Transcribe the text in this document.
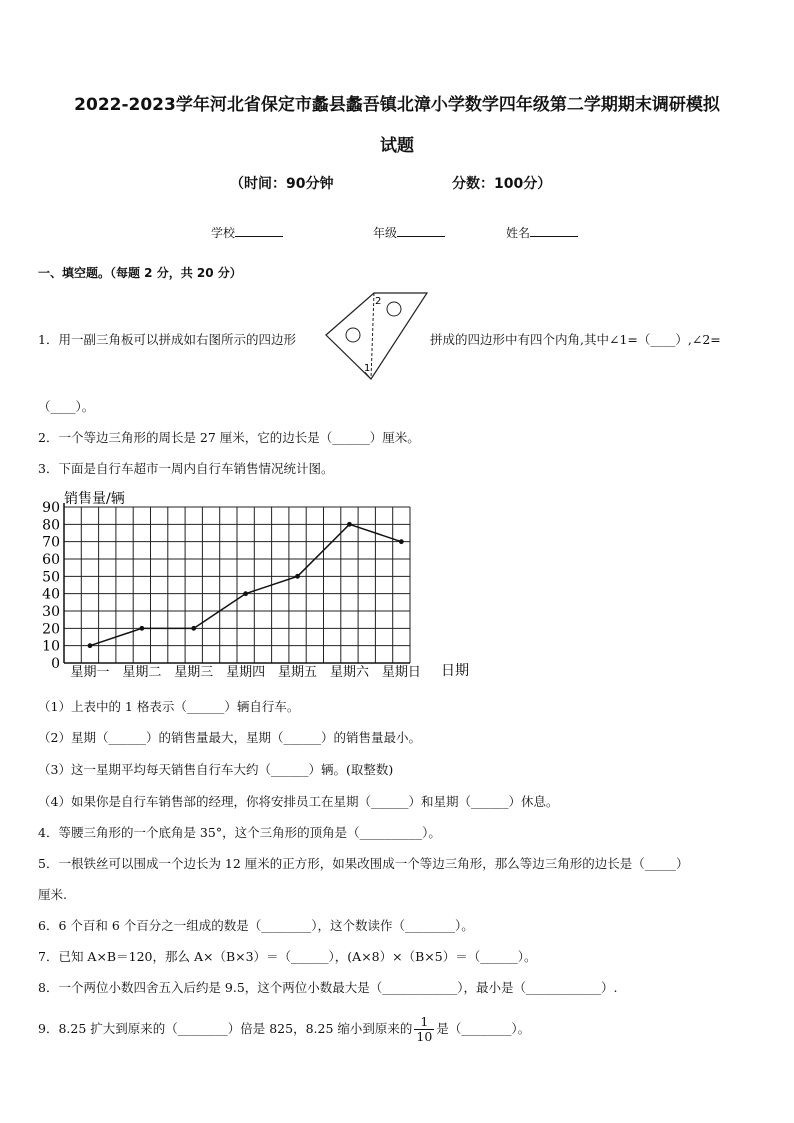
2022-2023学年河北省保定市蠡县蠡吾镇北漳小学数学四年级第二学期期末调研模拟
试题
（时间：90分钟	分数：100分）
学校	年级	姓名
一、填空题。（每题 2 分，共 20 分）
1．用一副三角板可以拼成如右图所示的四边形
2
1
拼成的四边形中有四个内角,其中∠1=（____）,∠2=
（____）。
2．一个等边三角形的周长是 27 厘米，它的边长是（______）厘米。
3．下面是自行车超市一周内自行车销售情况统计图。
0
10
20
30
40
50
60
70
80
90
星期一 星期二 星期三 星期四 星期五 星期六 星期日
销售量/辆
日期
（1）上表中的 1 格表示（______）辆自行车。
（2）星期（______）的销售量最大，星期（______）的销售量最小。
（3）这一星期平均每天销售自行车大约（______）辆。(取整数)
（4）如果你是自行车销售部的经理，你将安排员工在星期（______）和星期（______）休息。
4．等腰三角形的一个底角是 35°，这个三角形的顶角是（__________）。
5．一根铁丝可以围成一个边长为 12 厘米的正方形，如果改围成一个等边三角形，那么等边三角形的边长是（_____）
厘米.
6．6 个百和 6 个百分之一组成的数是（________），这个数读作（________）。
7．已知 A×B＝120，那么 A×（B×3）＝（______），(A×8）×（B×5）＝（______）。
8．一个两位小数四舍五入后约是 9.5，这个两位小数最大是（____________），最小是（____________）.
9．8.25 扩大到原来的（________）倍是 825，8.25 缩小到原来的 $\frac{1}{10}$ 是（________）。
